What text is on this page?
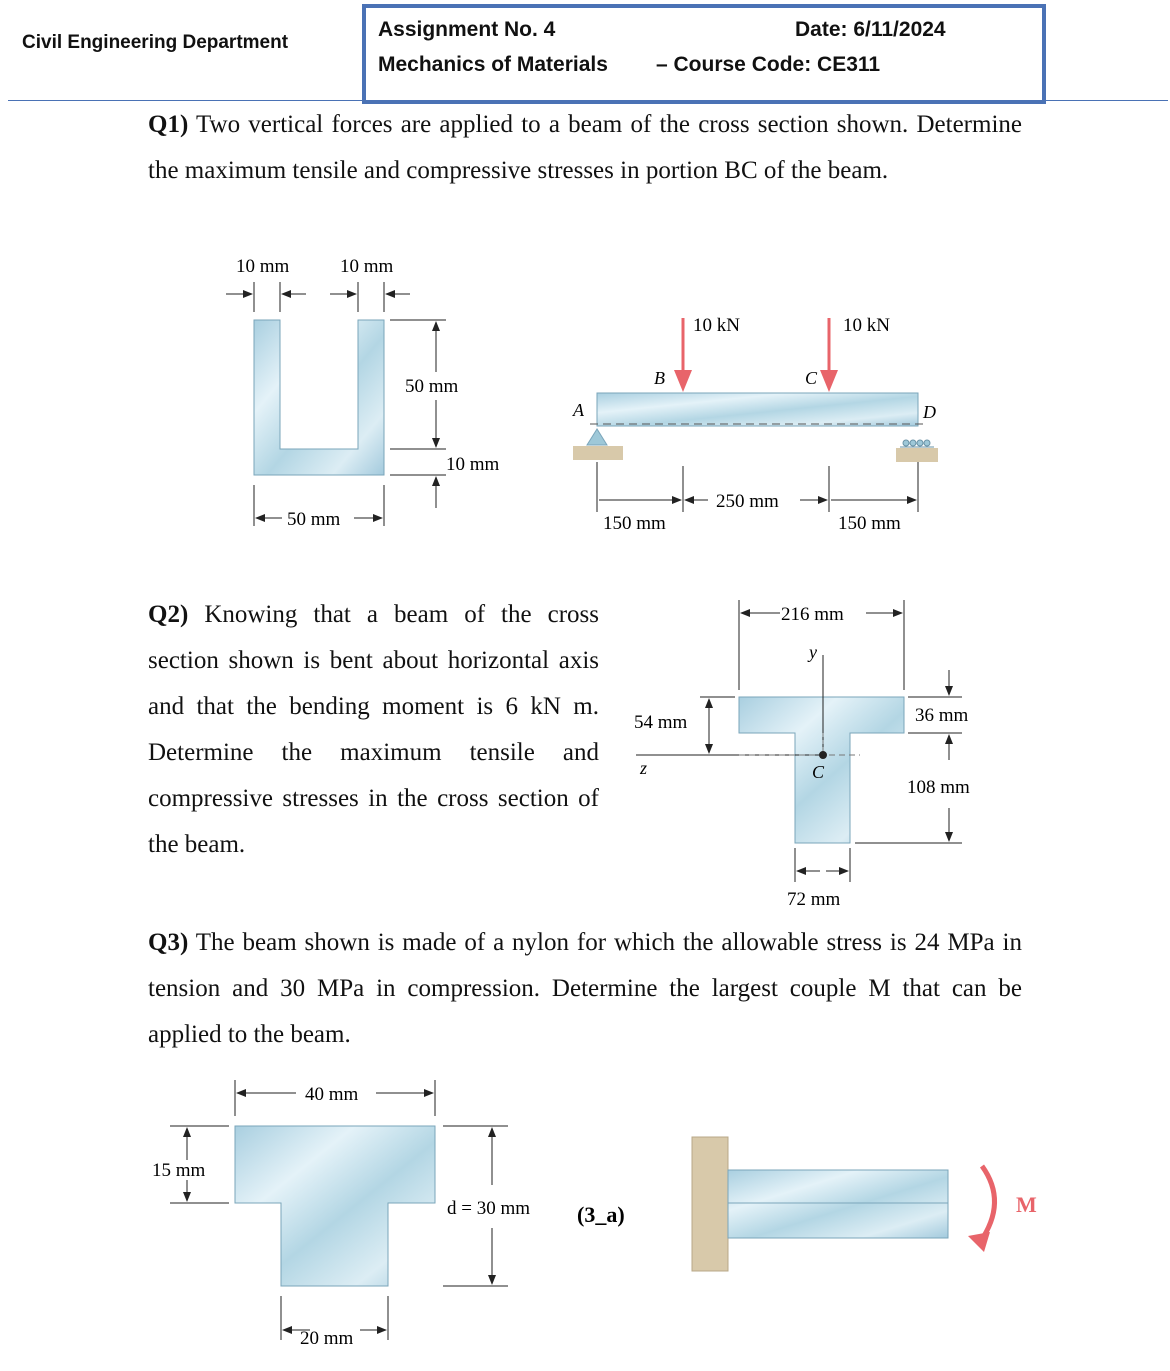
Civil Engineering Department
Assignment No. 4	Date: 6/11/2024
Mechanics of Materials – Course Code: CE311
Q1) Two vertical forces are applied to a beam of the cross section shown. Determine the maximum tensile and compressive stresses in portion BC of the beam.
Q2) Knowing that a beam of the cross section shown is bent about horizontal axis and that the bending moment is 6 kN m. Determine the maximum tensile and compressive stresses in the cross section of the beam.
Q3) The beam shown is made of a nylon for which the allowable stress is 24 MPa in tension and 30 MPa in compression. Determine the largest couple M that can be applied to the beam.
10 mm	10 mm
50 mm
10 mm
50 mm
10 kN	10 kN
A
B	C
D
150 mm
250 mm
150 mm
216 mm
y
z	C
54 mm	36 mm
108 mm
72 mm
40 mm
15 mm
d = 30 mm
20 mm
(3_a)	M
